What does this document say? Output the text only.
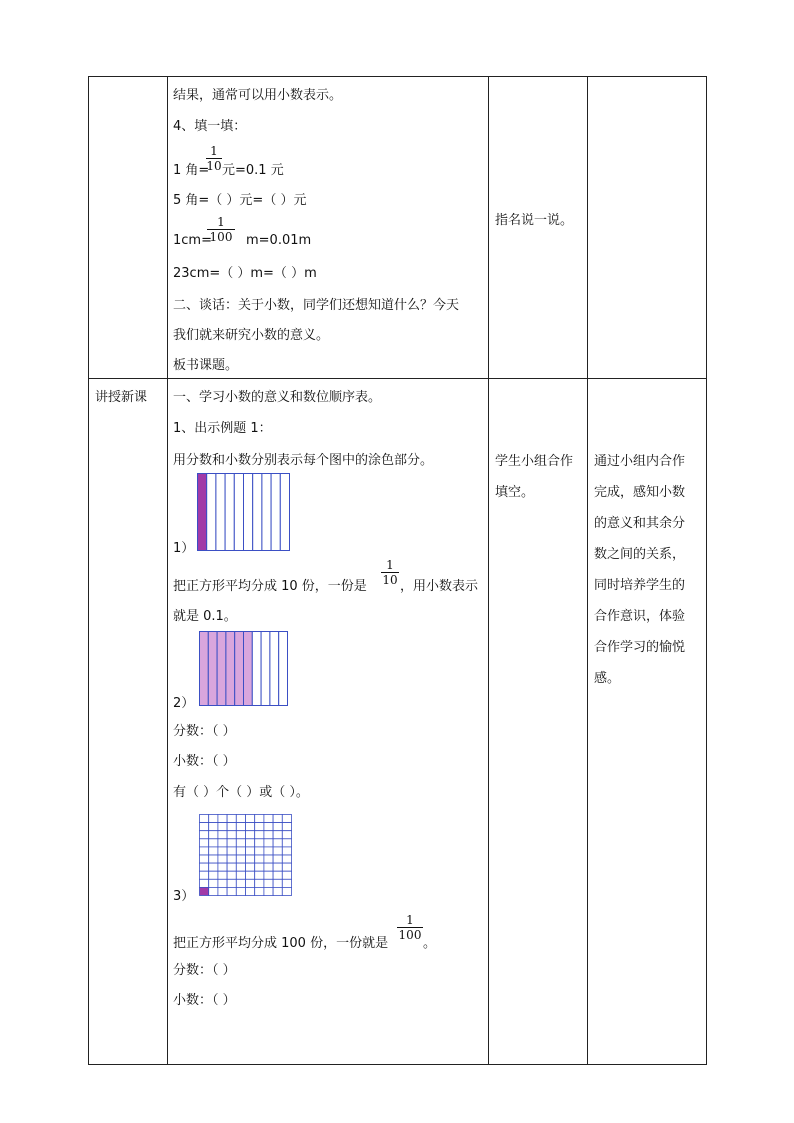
结果，通常可以用小数表示。
4、填一填：
1 角=
$\frac{1}{10}$ 元=0.1 元
5 角=（ ）元=（ ）元
1cm=
$\frac{1}{100} m=0.01m$
23cm=（ ）m=（ ）m
二、谈话：关于小数，同学们还想知道什么？今天
我们就来研究小数的意义。
板书课题。
指名说一说。
讲授新课 一、学习小数的意义和数位顺序表。
1、出示例题 1：
用分数和小数分别表示每个图中的涂色部分。
1）
把正方形平均分成 10 份，一份是 $\frac{1}{10}$ ，用小数表示
就是 0.1。
2）
分数：（ ）
小数：（ ）
有（ ）个（ ）或（ ）。
3）
把正方形平均分成 100 份，一份就是
$\frac{1}{100}$
。
分数：（ ）
小数：（ ）
学生小组合作
填空。
通过小组内合作
完成，感知小数
的意义和其余分
数之间的关系，
同时培养学生的
合作意识，体验
合作学习的愉悦
感。
